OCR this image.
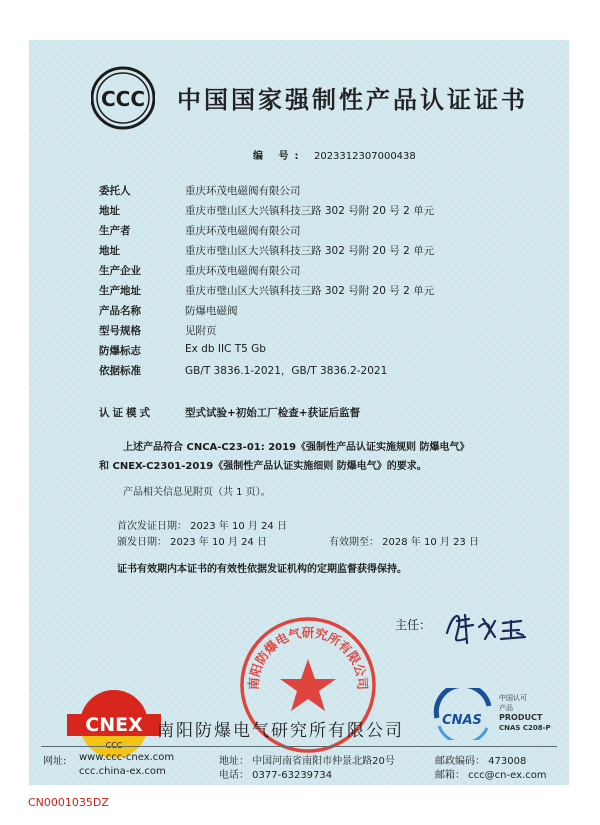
CCC 中国国家强制性产品认证证书
编 号: 2023312307000438
委托人	重庆环茂电磁阀有限公司
地址	重庆市璧山区大兴镇科技三路 302 号附 20 号 2 单元
生产者	重庆环茂电磁阀有限公司
地址	重庆市璧山区大兴镇科技三路 302 号附 20 号 2 单元
生产企业	重庆环茂电磁阀有限公司
生产地址	重庆市璧山区大兴镇科技三路 302 号附 20 号 2 单元
产品名称	防爆电磁阀
型号规格	见附页
防爆标志	Ex db IIC T5 Gb
依据标准	GB/T 3836.1-2021，GB/T 3836.2-2021
认证模式	型式试验+初始工厂检查+获证后监督
上述产品符合 CNCA-C23-01: 2019《强制性产品认证实施规则 防爆电气》
和 CNEX-C2301-2019《强制性产品认证实施细则 防爆电气》的要求。
产品相关信息见附页（共 1 页）。
首次发证日期： 2023 年 10 月 24 日
颁发日期： 2023 年 10 月 24 日	有效期至： 2028 年 10 月 23 日
证书有效期内本证书的有效性依据发证机构的定期监督获得保持。
主任：
南阳防爆电气研究所有限公司
CNEX 南阳防爆电气研究所有限公司
CNAS
中国认可
产品
PRODUCT
CNAS C208-P
网址: www.ccc-cnex.com
ccc.china-ex.com
地址： 中国河南省南阳市仲景北路20号
电话： 0377-63239734
邮政编码： 473008
邮箱： ccc@cn-ex.com
CN0001035DZ
